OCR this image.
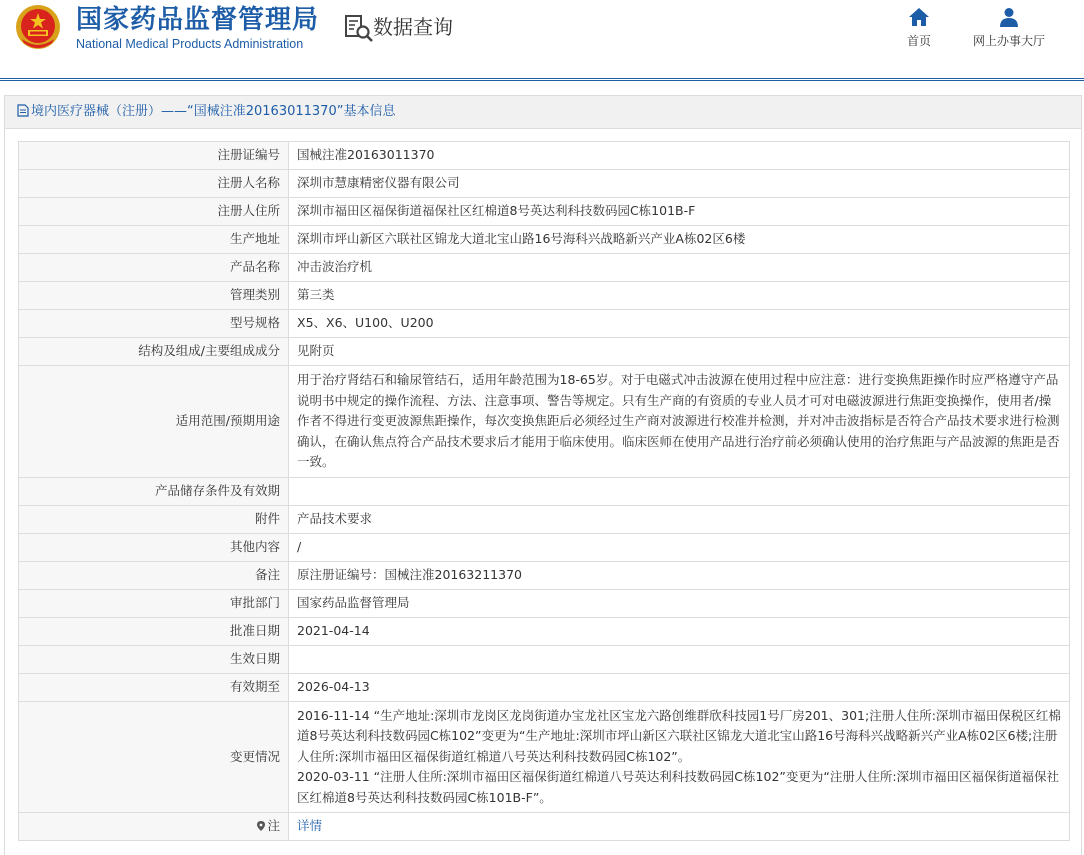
国家药品监督管理局
National Medical Products Administration
数据查询
首页	网上办事大厅
境内医疗器械（注册）——“国械注准20163011370”基本信息
注册证编号	国械注准20163011370
注册人名称	深圳市慧康精密仪器有限公司
注册人住所	深圳市福田区福保街道福保社区红棉道8号英达利科技数码园C栋101B-F
生产地址	深圳市坪山新区六联社区锦龙大道北宝山路16号海科兴战略新兴产业A栋02区6楼
产品名称	冲击波治疗机
管理类别	第三类
型号规格	X5、X6、U100、U200
结构及组成/主要组成成分	见附页
适用范围/预期用途	用于治疗肾结石和输尿管结石，适用年龄范围为18-65岁。对于电磁式冲击波源在使用过程中应注意：进行变换焦距操作时应严格遵守产品说明书中规定的操作流程、方法、注意事项、警告等规定。只有生产商的有资质的专业人员才可对电磁波源进行焦距变换操作，使用者/操作者不得进行变更波源焦距操作，每次变换焦距后必须经过生产商对波源进行校准并检测，并对冲击波指标是否符合产品技术要求进行检测确认，在确认焦点符合产品技术要求后才能用于临床使用。临床医师在使用产品进行治疗前必须确认使用的治疗焦距与产品波源的焦距是否一致。
产品储存条件及有效期	
附件	产品技术要求
其他内容	/
备注	原注册证编号：国械注准20163211370
审批部门	国家药品监督管理局
批准日期	2021-04-14
生效日期	
有效期至	2026-04-13
变更情况	2016-11-14 “生产地址:深圳市龙岗区龙岗街道办宝龙社区宝龙六路创维群欣科技园1号厂房201、301;注册人住所:深圳市福田保税区红棉道8号英达利科技数码园C栋102”变更为“生产地址:深圳市坪山新区六联社区锦龙大道北宝山路16号海科兴战略新兴产业A栋02区6楼;注册人住所:深圳市福田区福保街道红棉道八号英达利科技数码园C栋102”。
2020-03-11 “注册人住所:深圳市福田区福保街道红棉道八号英达利科技数码园C栋102”变更为“注册人住所:深圳市福田区福保街道福保社区红棉道8号英达利科技数码园C栋101B-F”。
注	详情
